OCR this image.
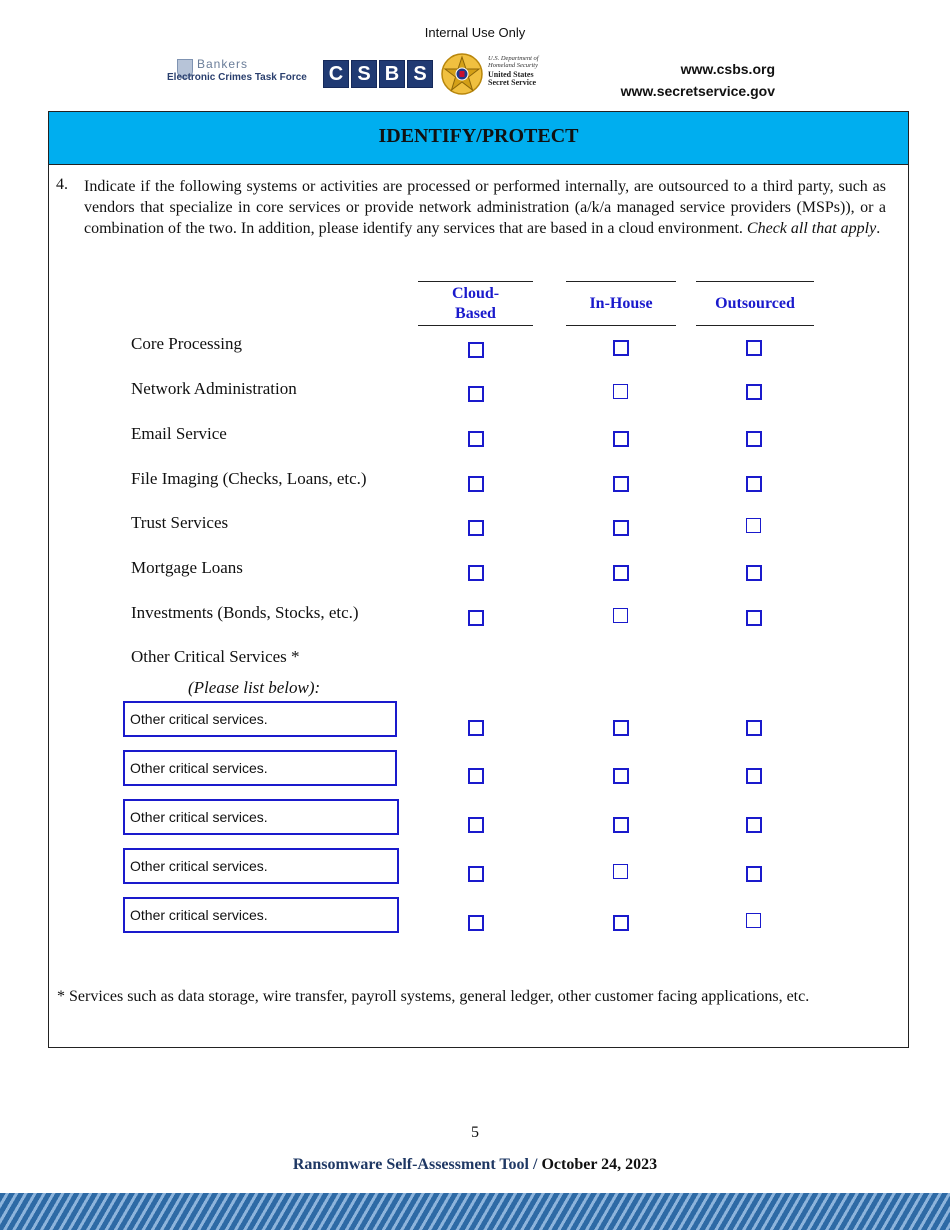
Internal Use Only
Bankers
Electronic Crimes Task Force C S B S
U.S. Department of Homeland Security
United States Secret Service
www.csbs.org
www.secretservice.gov
IDENTIFY/PROTECT
4. Indicate if the following systems or activities are processed or performed internally, are outsourced to a third party, such as vendors that specialize in core services or provide network administration (a/k/a managed service providers (MSPs)), or a combination of the two. In addition, please identify any services that are based in a cloud environment. Check all that apply.
Cloud-
Based
In-House	Outsourced
Core Processing
Network Administration
Email Service
File Imaging (Checks, Loans, etc.)
Trust Services
Mortgage Loans
Investments (Bonds, Stocks, etc.)
Other Critical Services *
(Please list below):
Other critical services.
Other critical services.
Other critical services.
Other critical services.
Other critical services.
* Services such as data storage, wire transfer, payroll systems, general ledger, other customer facing applications, etc.
5
Ransomware Self-Assessment Tool / October 24, 2023
